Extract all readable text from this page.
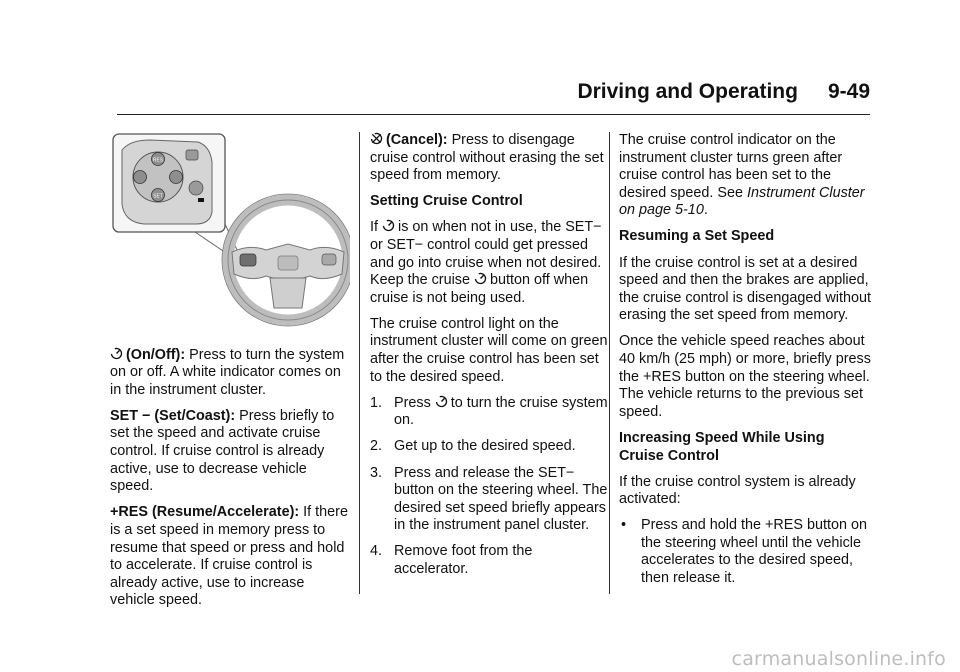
Driving and Operating 9-49
RES
SET

(On/Off): Press to turn the system on or off. A white indicator comes on in the instrument cluster.

SET − (Set/Coast): Press briefly to set the speed and activate cruise control. If cruise control is already active, use to decrease vehicle speed.

+RES (Resume/Accelerate): If there is a set speed in memory press to resume that speed or press and hold to accelerate. If cruise control is already active, use to increase vehicle speed.

(Cancel): Press to disengage cruise control without erasing the set speed from memory.

Setting Cruise Control

If is on when not in use, the SET− or SET− control could get pressed and go into cruise when not desired. Keep the cruise button off when cruise is not being used.

The cruise control light on the instrument cluster will come on green after the cruise control has been set to the desired speed.

1. Press to turn the cruise system on.
2. Get up to the desired speed.
3. Press and release the SET− button on the steering wheel. The desired set speed briefly appears in the instrument panel cluster.
4. Remove foot from the accelerator.

The cruise control indicator on the instrument cluster turns green after cruise control has been set to the desired speed. See Instrument Cluster on page 5-10.

Resuming a Set Speed

If the cruise control is set at a desired speed and then the brakes are applied, the cruise control is disengaged without erasing the set speed from memory.

Once the vehicle speed reaches about 40 km/h (25 mph) or more, briefly press the +RES button on the steering wheel. The vehicle returns to the previous set speed.

Increasing Speed While Using Cruise Control

If the cruise control system is already activated:

•	Press and hold the +RES button on the steering wheel until the vehicle accelerates to the desired speed, then release it.
carmanualsonline.info
